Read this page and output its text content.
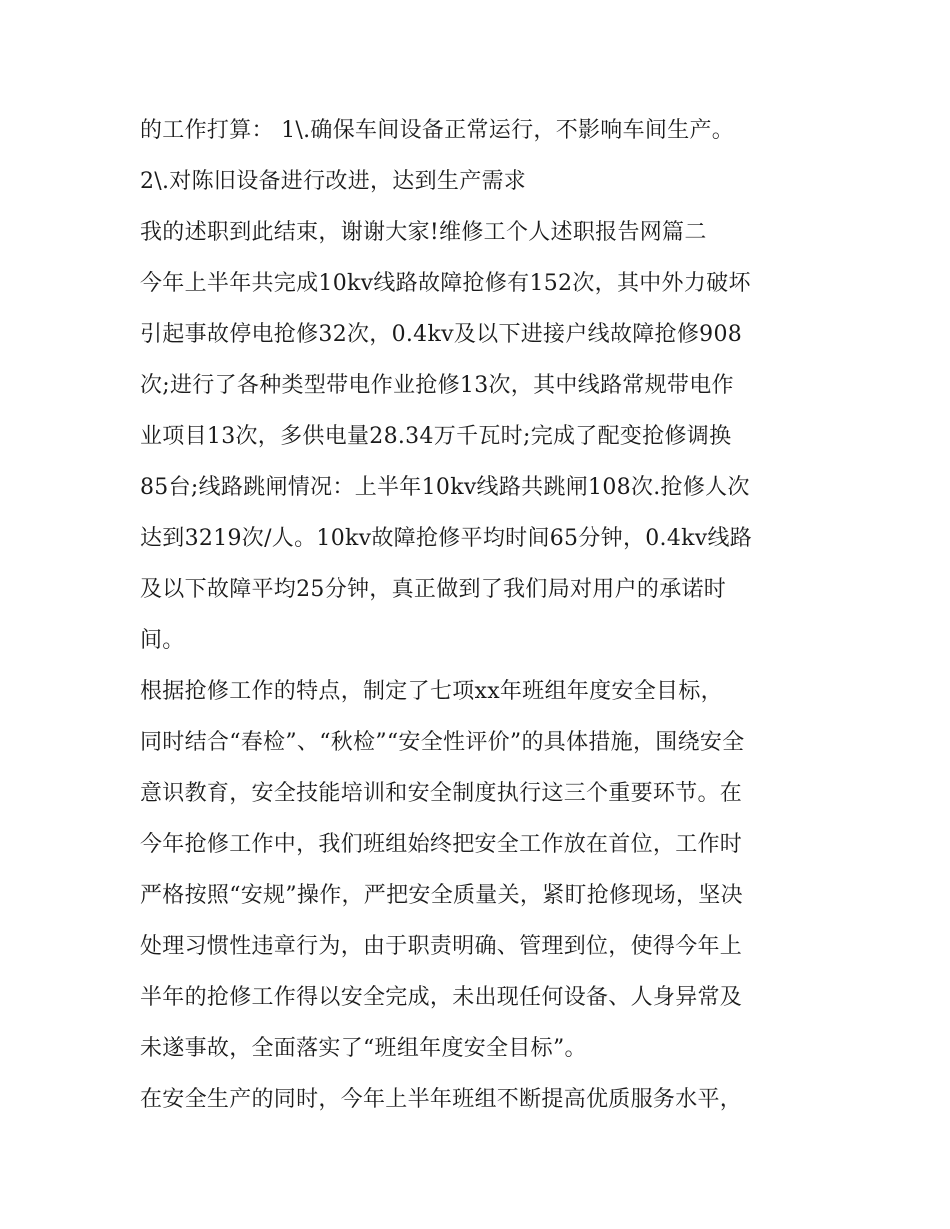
的工作打算： 1\.确保车间设备正常运行，不影响车间生产。
2\.对陈旧设备进行改进，达到生产需求
我的述职到此结束，谢谢大家!维修工个人述职报告网篇二
今年上半年共完成10kv线路故障抢修有152次，其中外力破坏
引起事故停电抢修32次，0.4kv及以下进接户线故障抢修908
次;进行了各种类型带电作业抢修13次，其中线路常规带电作
业项目13次，多供电量28.34万千瓦时;完成了配变抢修调换
85台;线路跳闸情况：上半年10kv线路共跳闸108次.抢修人次
达到3219次/人。10kv故障抢修平均时间65分钟，0.4kv线路
及以下故障平均25分钟，真正做到了我们局对用户的承诺时
间。
根据抢修工作的特点，制定了七项xx年班组年度安全目标，
同时结合“春检”、“秋检”“安全性评价”的具体措施，围绕安全
意识教育，安全技能培训和安全制度执行这三个重要环节。在
今年抢修工作中，我们班组始终把安全工作放在首位，工作时
严格按照“安规”操作，严把安全质量关，紧盯抢修现场，坚决
处理习惯性违章行为，由于职责明确、管理到位，使得今年上
半年的抢修工作得以安全完成，未出现任何设备、人身异常及
未遂事故，全面落实了“班组年度安全目标”。
在安全生产的同时，今年上半年班组不断提高优质服务水平，
